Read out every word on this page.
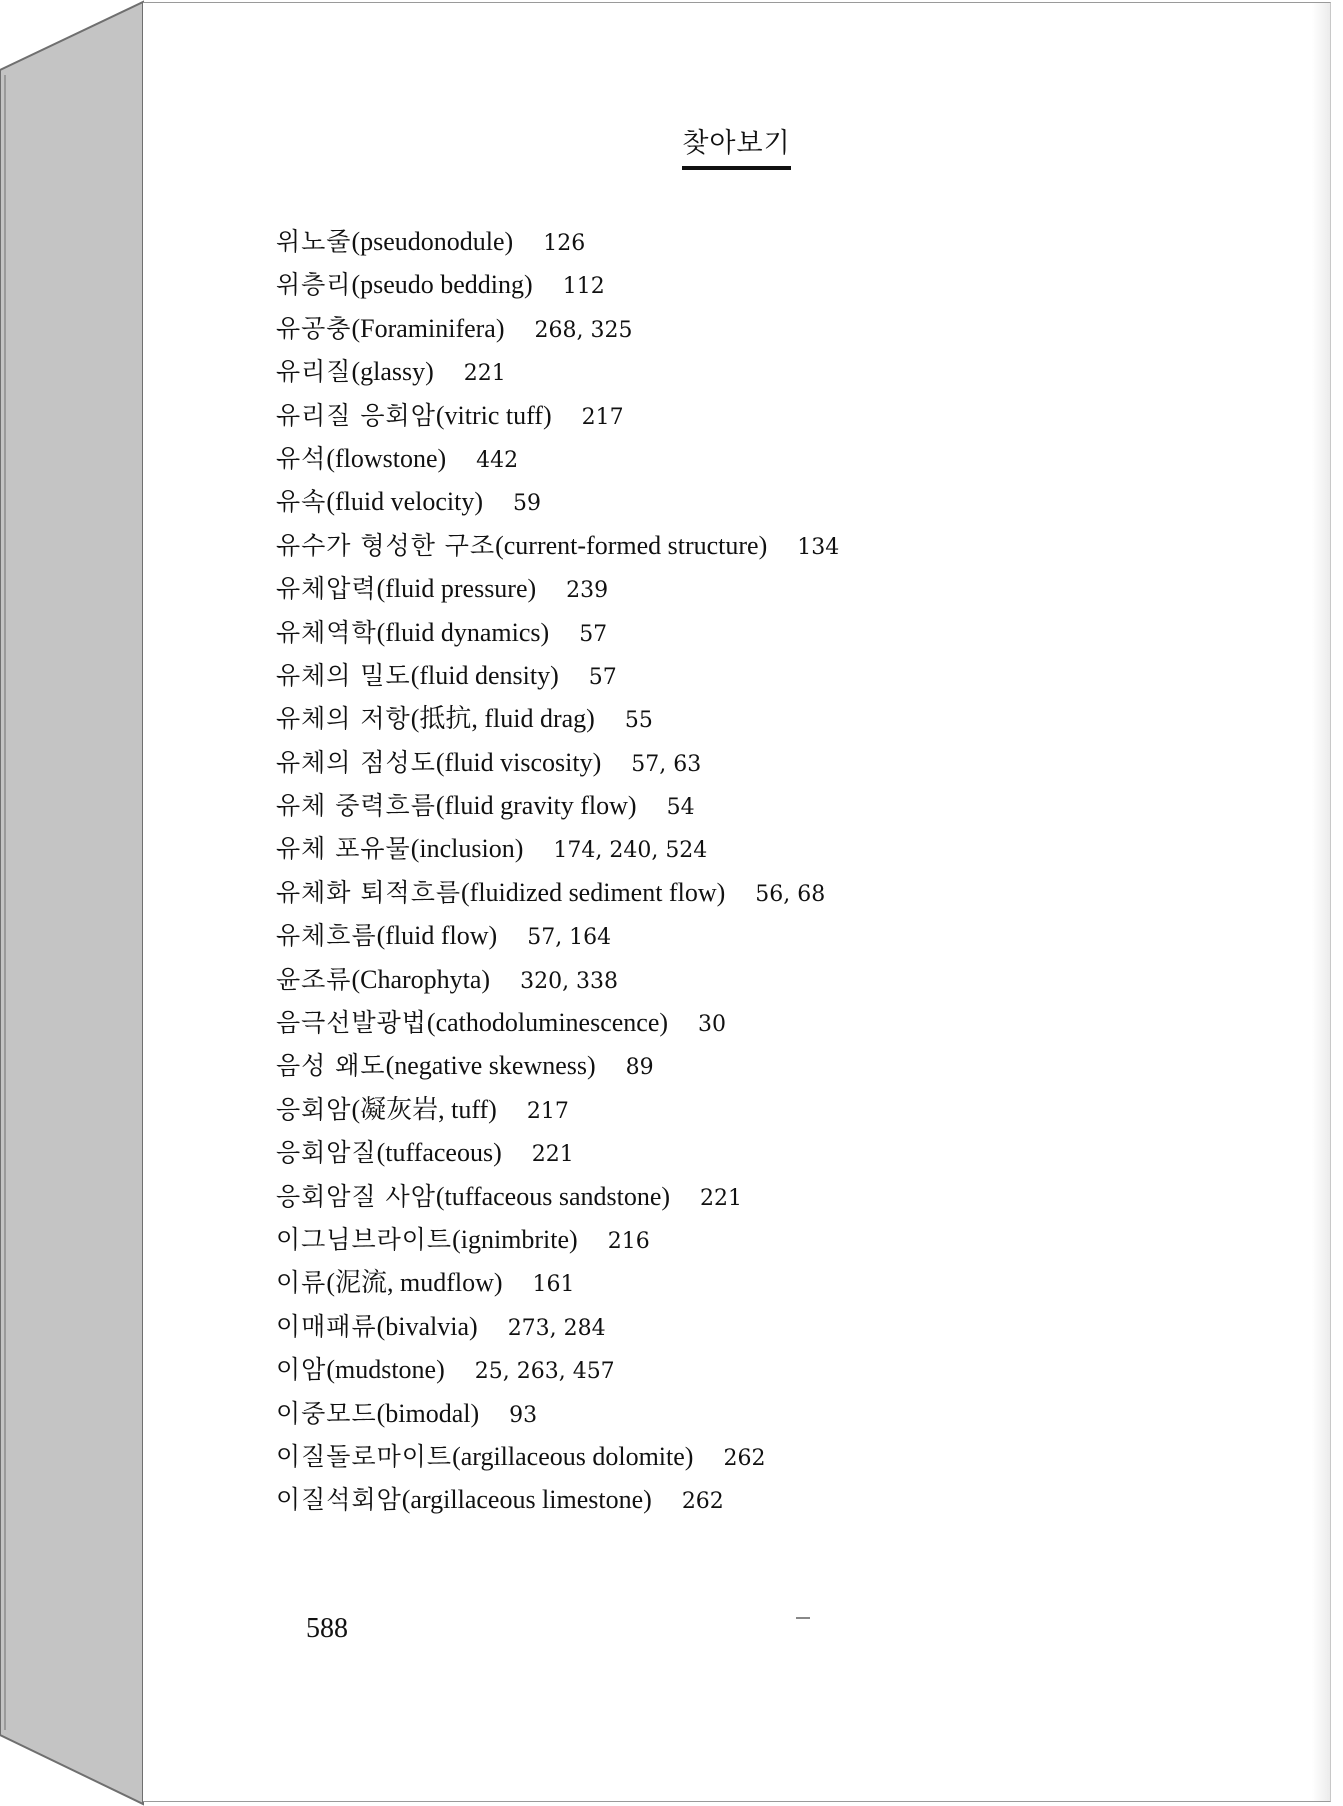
찾아보기
위노줄(pseudonodule) 126
위층리(pseudo bedding) 112
유공충(Foraminifera) 268, 325
유리질(glassy) 221
유리질 응회암(vitric tuff) 217
유석(flowstone) 442
유속(fluid velocity) 59
유수가 형성한 구조(current-formed structure) 134
유체압력(fluid pressure) 239
유체역학(fluid dynamics) 57
유체의 밀도(fluid density) 57
유체의 저항(抵抗, fluid drag) 55
유체의 점성도(fluid viscosity) 57, 63
유체 중력흐름(fluid gravity flow) 54
유체 포유물(inclusion) 174, 240, 524
유체화 퇴적흐름(fluidized sediment flow) 56, 68
유체흐름(fluid flow) 57, 164
윤조류(Charophyta) 320, 338
음극선발광법(cathodoluminescence) 30
음성 왜도(negative skewness) 89
응회암(凝灰岩, tuff) 217
응회암질(tuffaceous) 221
응회암질 사암(tuffaceous sandstone) 221
이그님브라이트(ignimbrite) 216
이류(泥流, mudflow) 161
이매패류(bivalvia) 273, 284
이암(mudstone) 25, 263, 457
이중모드(bimodal) 93
이질돌로마이트(argillaceous dolomite) 262
이질석회암(argillaceous limestone) 262
588
